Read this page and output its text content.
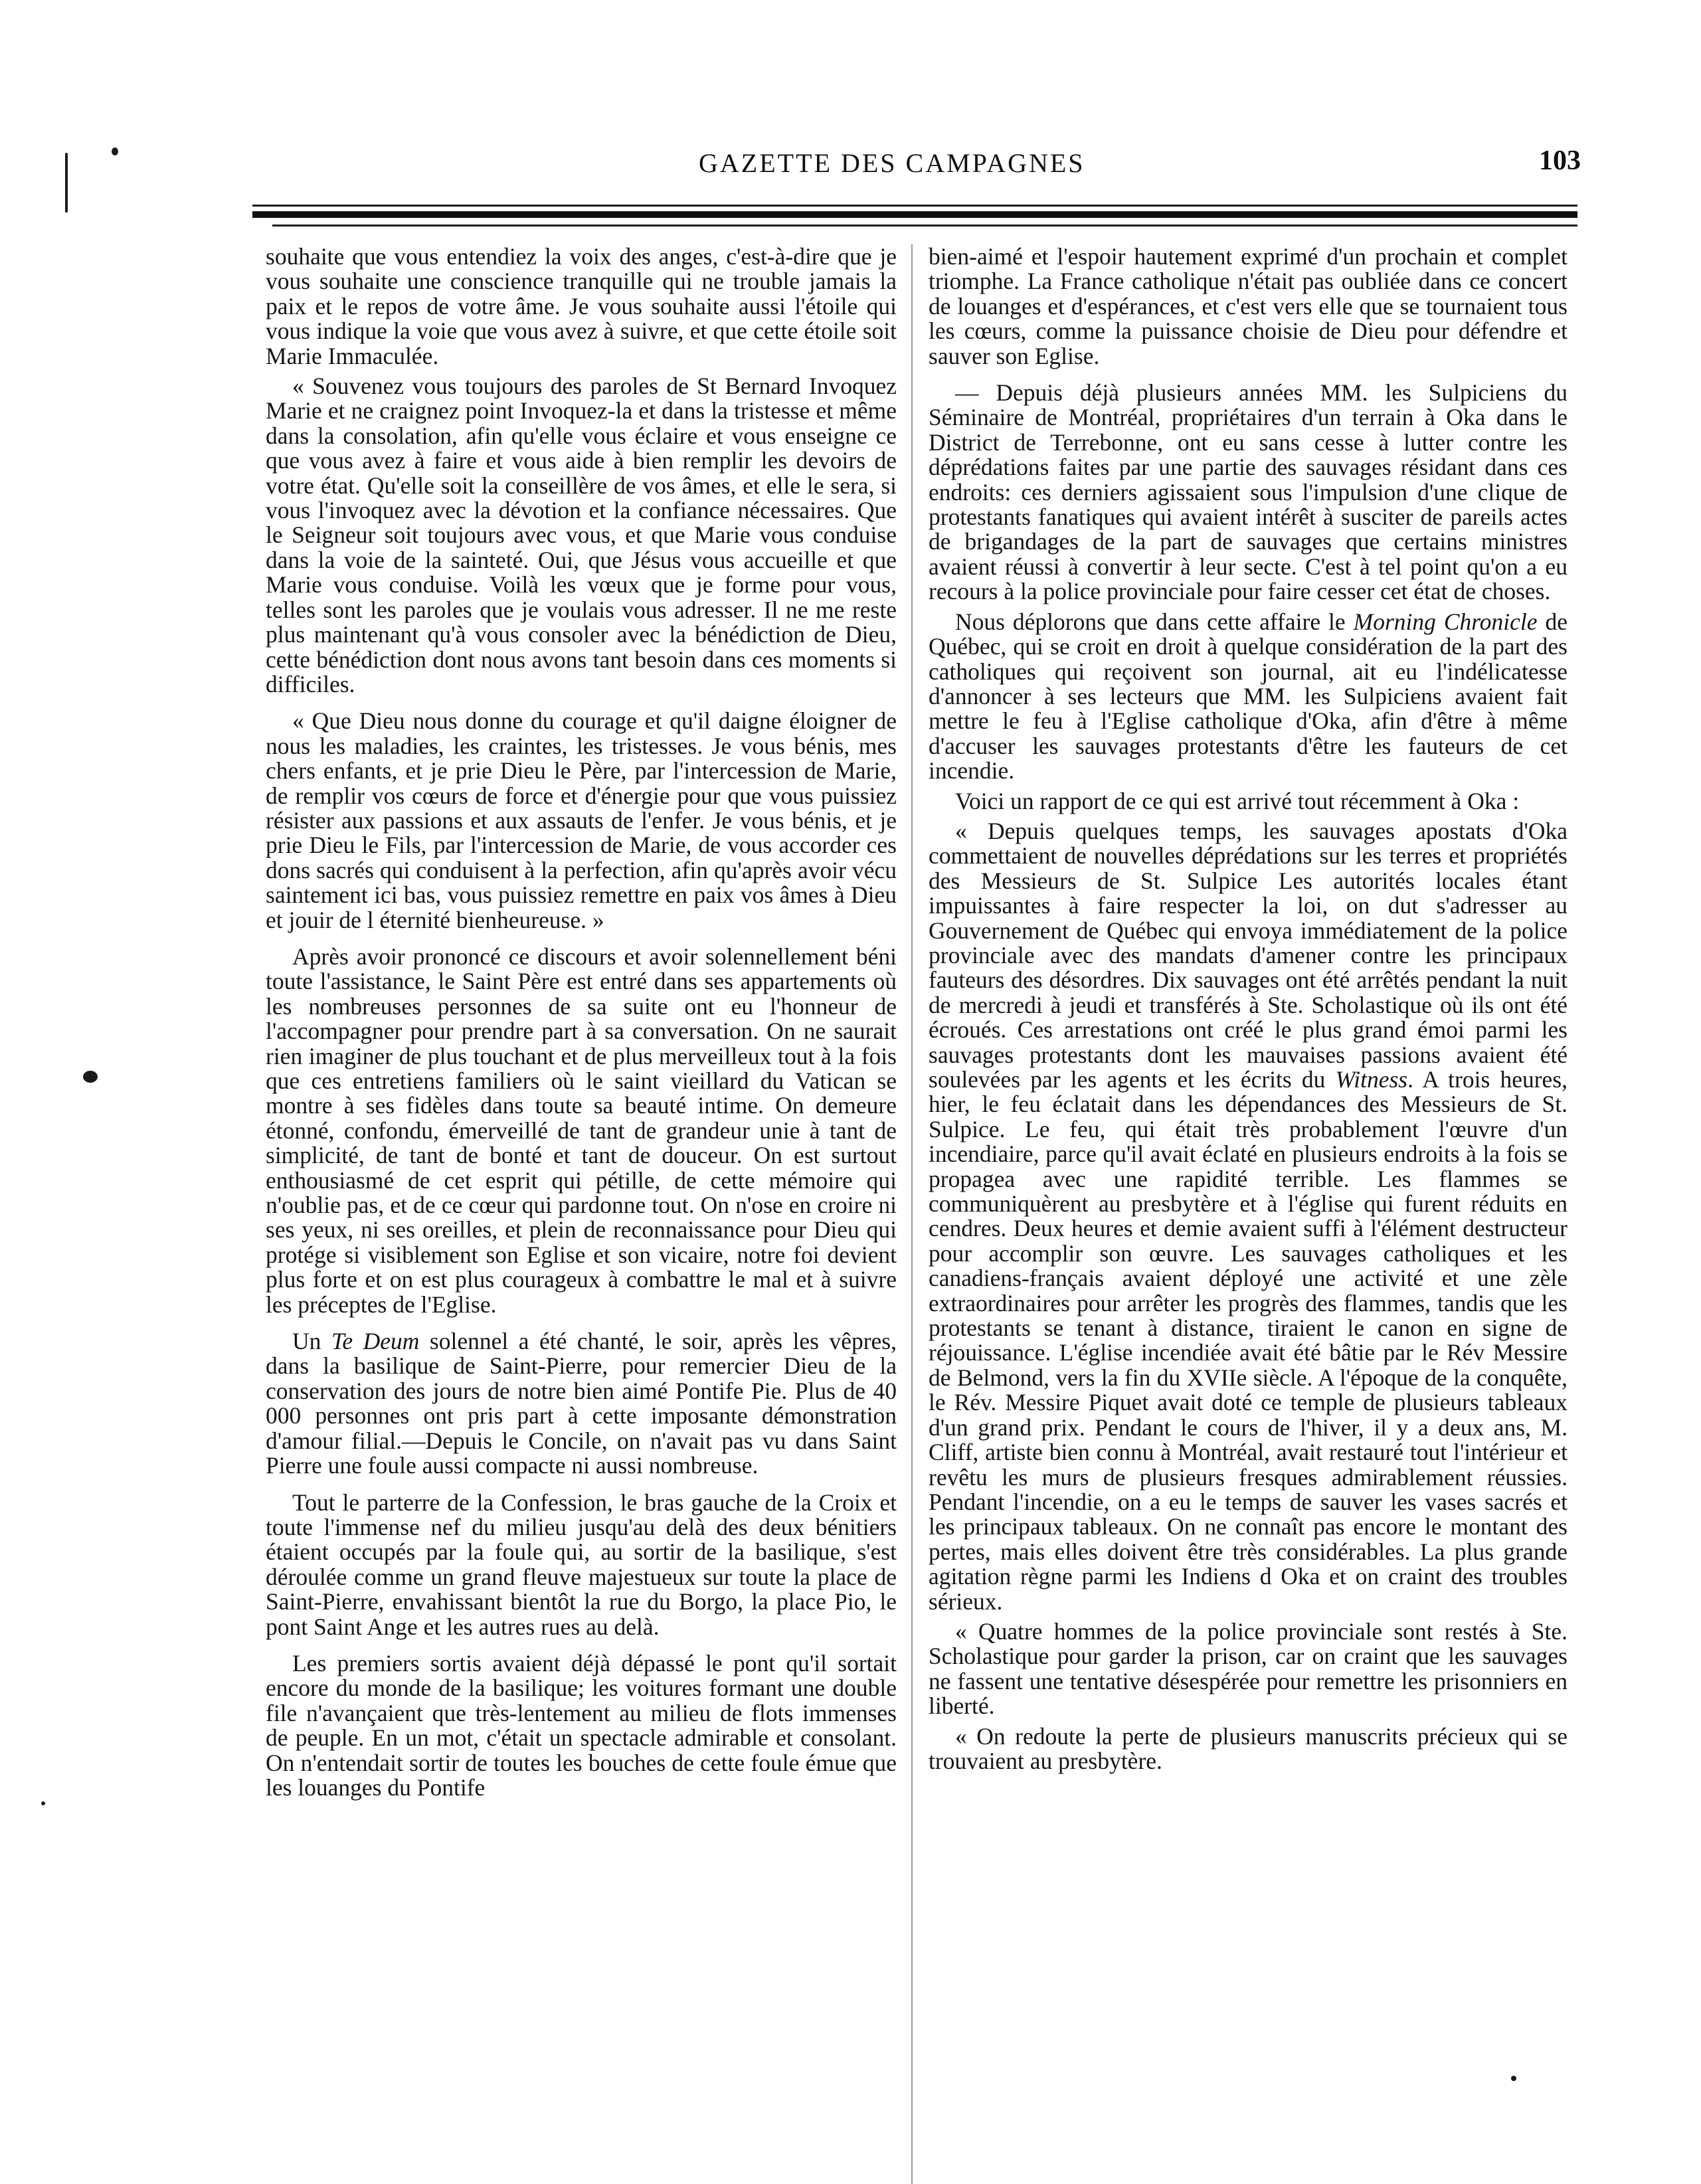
GAZETTE DES CAMPAGNES	103

souhaite que vous entendiez la voix des anges, c'est-à-dire que je vous souhaite une conscience tranquille qui ne trouble jamais la paix et le repos de votre âme. Je vous souhaite aussi l'étoile qui vous indique la voie que vous avez à suivre, et que cette étoile soit Marie Immaculée.

« Souvenez vous toujours des paroles de St Bernard Invoquez Marie et ne craignez point Invoquez-la et dans la tristesse et même dans la consolation, afin qu'elle vous éclaire et vous enseigne ce que vous avez à faire et vous aide à bien remplir les devoirs de votre état. Qu'elle soit la conseillère de vos âmes, et elle le sera, si vous l'invoquez avec la dévotion et la confiance nécessaires. Que le Seigneur soit toujours avec vous, et que Marie vous conduise dans la voie de la sainteté. Oui, que Jésus vous accueille et que Marie vous conduise. Voilà les vœux que je forme pour vous, telles sont les paroles que je voulais vous adresser. Il ne me reste plus maintenant qu'à vous consoler avec la bénédiction de Dieu, cette bénédiction dont nous avons tant besoin dans ces moments si difficiles.

« Que Dieu nous donne du courage et qu'il daigne éloigner de nous les maladies, les craintes, les tristesses. Je vous bénis, mes chers enfants, et je prie Dieu le Père, par l'intercession de Marie, de remplir vos cœurs de force et d'énergie pour que vous puissiez résister aux passions et aux assauts de l'enfer. Je vous bénis, et je prie Dieu le Fils, par l'intercession de Marie, de vous accorder ces dons sacrés qui conduisent à la perfection, afin qu'après avoir vécu saintement ici bas, vous puissiez remettre en paix vos âmes à Dieu et jouir de l éternité bienheureuse. »

Après avoir prononcé ce discours et avoir solennellement béni toute l'assistance, le Saint Père est entré dans ses appartements où les nombreuses personnes de sa suite ont eu l'honneur de l'accompagner pour prendre part à sa conversation. On ne saurait rien imaginer de plus touchant et de plus merveilleux tout à la fois que ces entretiens familiers où le saint vieillard du Vatican se montre à ses fidèles dans toute sa beauté intime. On demeure étonné, confondu, émerveillé de tant de grandeur unie à tant de simplicité, de tant de bonté et tant de douceur. On est surtout enthousiasmé de cet esprit qui pétille, de cette mémoire qui n'oublie pas, et de ce cœur qui pardonne tout. On n'ose en croire ni ses yeux, ni ses oreilles, et plein de reconnaissance pour Dieu qui protége si visiblement son Eglise et son vicaire, notre foi devient plus forte et on est plus courageux à combattre le mal et à suivre les préceptes de l'Eglise.

Un Te Deum solennel a été chanté, le soir, après les vêpres, dans la basilique de Saint-Pierre, pour remercier Dieu de la conservation des jours de notre bien aimé Pontife Pie. Plus de 40 000 personnes ont pris part à cette imposante démonstration d'amour filial.—Depuis le Concile, on n'avait pas vu dans Saint Pierre une foule aussi compacte ni aussi nombreuse.

Tout le parterre de la Confession, le bras gauche de la Croix et toute l'immense nef du milieu jusqu'au delà des deux bénitiers étaient occupés par la foule qui, au sortir de la basilique, s'est déroulée comme un grand fleuve majestueux sur toute la place de Saint-Pierre, envahissant bientôt la rue du Borgo, la place Pio, le pont Saint Ange et les autres rues au delà.

Les premiers sortis avaient déjà dépassé le pont qu'il sortait encore du monde de la basilique; les voitures formant une double file n'avançaient que très-lentement au milieu de flots immenses de peuple. En un mot, c'était un spectacle admirable et consolant. On n'entendait sortir de toutes les bouches de cette foule émue que les louanges du Pontife

bien-aimé et l'espoir hautement exprimé d'un prochain et complet triomphe. La France catholique n'était pas oubliée dans ce concert de louanges et d'espérances, et c'est vers elle que se tournaient tous les cœurs, comme la puissance choisie de Dieu pour défendre et sauver son Eglise.

— Depuis déjà plusieurs années MM. les Sulpiciens du Séminaire de Montréal, propriétaires d'un terrain à Oka dans le District de Terrebonne, ont eu sans cesse à lutter contre les déprédations faites par une partie des sauvages résidant dans ces endroits: ces derniers agissaient sous l'impulsion d'une clique de protestants fanatiques qui avaient intérêt à susciter de pareils actes de brigandages de la part de sauvages que certains ministres avaient réussi à convertir à leur secte. C'est à tel point qu'on a eu recours à la police provinciale pour faire cesser cet état de choses.

Nous déplorons que dans cette affaire le Morning Chronicle de Québec, qui se croit en droit à quelque considération de la part des catholiques qui reçoivent son journal, ait eu l'indélicatesse d'annoncer à ses lecteurs que MM. les Sulpiciens avaient fait mettre le feu à l'Eglise catholique d'Oka, afin d'être à même d'accuser les sauvages protestants d'être les fauteurs de cet incendie.

Voici un rapport de ce qui est arrivé tout récemment à Oka :

« Depuis quelques temps, les sauvages apostats d'Oka commettaient de nouvelles déprédations sur les terres et propriétés des Messieurs de St. Sulpice Les autorités locales étant impuissantes à faire respecter la loi, on dut s'adresser au Gouvernement de Québec qui envoya immédiatement de la police provinciale avec des mandats d'amener contre les principaux fauteurs des désordres. Dix sauvages ont été arrêtés pendant la nuit de mercredi à jeudi et transférés à Ste. Scholastique où ils ont été écroués. Ces arrestations ont créé le plus grand émoi parmi les sauvages protestants dont les mauvaises passions avaient été soulevées par les agents et les écrits du Witness. A trois heures, hier, le feu éclatait dans les dépendances des Messieurs de St. Sulpice. Le feu, qui était très probablement l'œuvre d'un incendiaire, parce qu'il avait éclaté en plusieurs endroits à la fois se propagea avec une rapidité terrible. Les flammes se communiquèrent au presbytère et à l'église qui furent réduits en cendres. Deux heures et demie avaient suffi à l'élément destructeur pour accomplir son œuvre. Les sauvages catholiques et les canadiens-français avaient déployé une activité et une zèle extraordinaires pour arrêter les progrès des flammes, tandis que les protestants se tenant à distance, tiraient le canon en signe de réjouissance. L'église incendiée avait été bâtie par le Rév Messire de Belmond, vers la fin du XVIIe siècle. A l'époque de la conquête, le Rév. Messire Piquet avait doté ce temple de plusieurs tableaux d'un grand prix. Pendant le cours de l'hiver, il y a deux ans, M. Cliff, artiste bien connu à Montréal, avait restauré tout l'intérieur et revêtu les murs de plusieurs fresques admirablement réussies. Pendant l'incendie, on a eu le temps de sauver les vases sacrés et les principaux tableaux. On ne connaît pas encore le montant des pertes, mais elles doivent être très considérables. La plus grande agitation règne parmi les Indiens d Oka et on craint des troubles sérieux.

« Quatre hommes de la police provinciale sont restés à Ste. Scholastique pour garder la prison, car on craint que les sauvages ne fassent une tentative désespérée pour remettre les prisonniers en liberté.

« On redoute la perte de plusieurs manuscrits précieux qui se trouvaient au presbytère.
